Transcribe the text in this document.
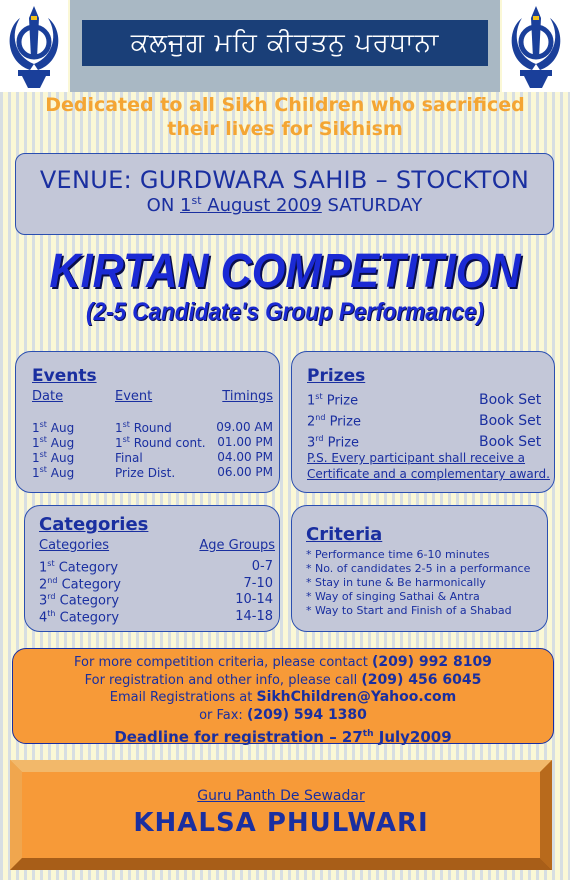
ਕਲਜੁਗ ਮਹਿ ਕੀਰਤਨੁ ਪਰਧਾਨਾ
Dedicated to all Sikh Children who sacrificed
their lives for Sikhism
VENUE: GURDWARA SAHIB – STOCKTON
ON 1st August 2009 SATURDAY
KIRTAN COMPETITION
(2-5 Candidate's Group Performance)
Events
Date	Event	Timings
1st Aug	1st Round	09.00 AM
1st Aug	1st Round cont. 01.00 PM
1st Aug	Final	04.00 PM
1st Aug	Prize Dist.	06.00 PM
Prizes
1st Prize	Book Set
2nd Prize	Book Set
3rd Prize	Book Set
P.S. Every participant shall receive a
Certificate and a complementary award.
Categories
Categories	Age Groups
1st Category	0-7
2nd Category	7-10
3rd Category	10-14
4th Category	14-18
Criteria
* Performance time 6-10 minutes
* No. of candidates 2-5 in a performance
* Stay in tune & Be harmonically
* Way of singing Sathai & Antra
* Way to Start and Finish of a Shabad
For more competition criteria, please contact (209) 992 8109
For registration and other info, please call (209) 456 6045
Email Registrations at SikhChildren@Yahoo.com
or Fax: (209) 594 1380
Deadline for registration – 27th July2009
Guru Panth De Sewadar
KHALSA PHULWARI
